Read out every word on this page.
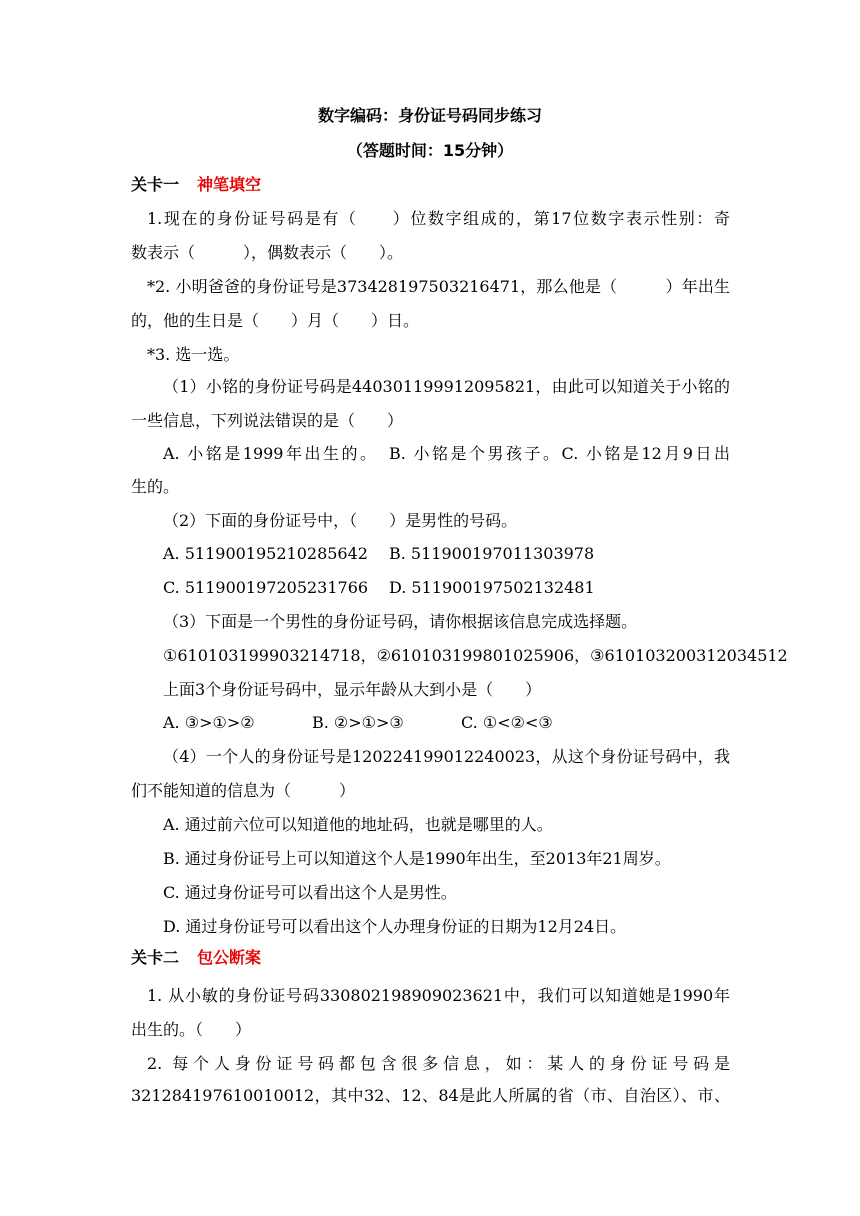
数字编码：身份证号码同步练习
（答题时间：15分钟）
关卡一 神笔填空
1.现在的身份证号码是有（　　）位数字组成的，第17位数字表示性别：奇
数表示（　　　），偶数表示（　　）。
*2. 小明爸爸的身份证号是373428197503216471，那么他是（　　　）年出生
的，他的生日是（　　）月（　　）日。
*3. 选一选。
（1）小铭的身份证号码是440301199912095821，由此可以知道关于小铭的
一些信息，下列说法错误的是（　　）
A. 小铭是1999年出生的。　B. 小铭是个男孩子。C. 小铭是12月9日出
生的。
（2）下面的身份证号中，（　　）是男性的号码。
A. 511900195210285642 B. 511900197011303978
C. 511900197205231766 D. 511900197502132481
（3）下面是一个男性的身份证号码，请你根据该信息完成选择题。
①610103199903214718，②610103199801025906，③610103200312034512
上面3个身份证号码中，显示年龄从大到小是（　　）
A. ③>①>②	B. ②>①>③	C. ①<②<③
（4）一个人的身份证号是120224199012240023，从这个身份证号码中，我
们不能知道的信息为（　　　）
A. 通过前六位可以知道他的地址码，也就是哪里的人。
B. 通过身份证号上可以知道这个人是1990年出生，至2013年21周岁。
C. 通过身份证号可以看出这个人是男性。
D. 通过身份证号可以看出这个人办理身份证的日期为12月24日。
关卡二 包公断案
1. 从小敏的身份证号码330802198909023621中，我们可以知道她是1990年
出生的。（　　）
2. 每个人身份证号码都包含很多信息，如：某人的身份证号码是
321284197610010012，其中32、12、84是此人所属的省（市、自治区）、市、
